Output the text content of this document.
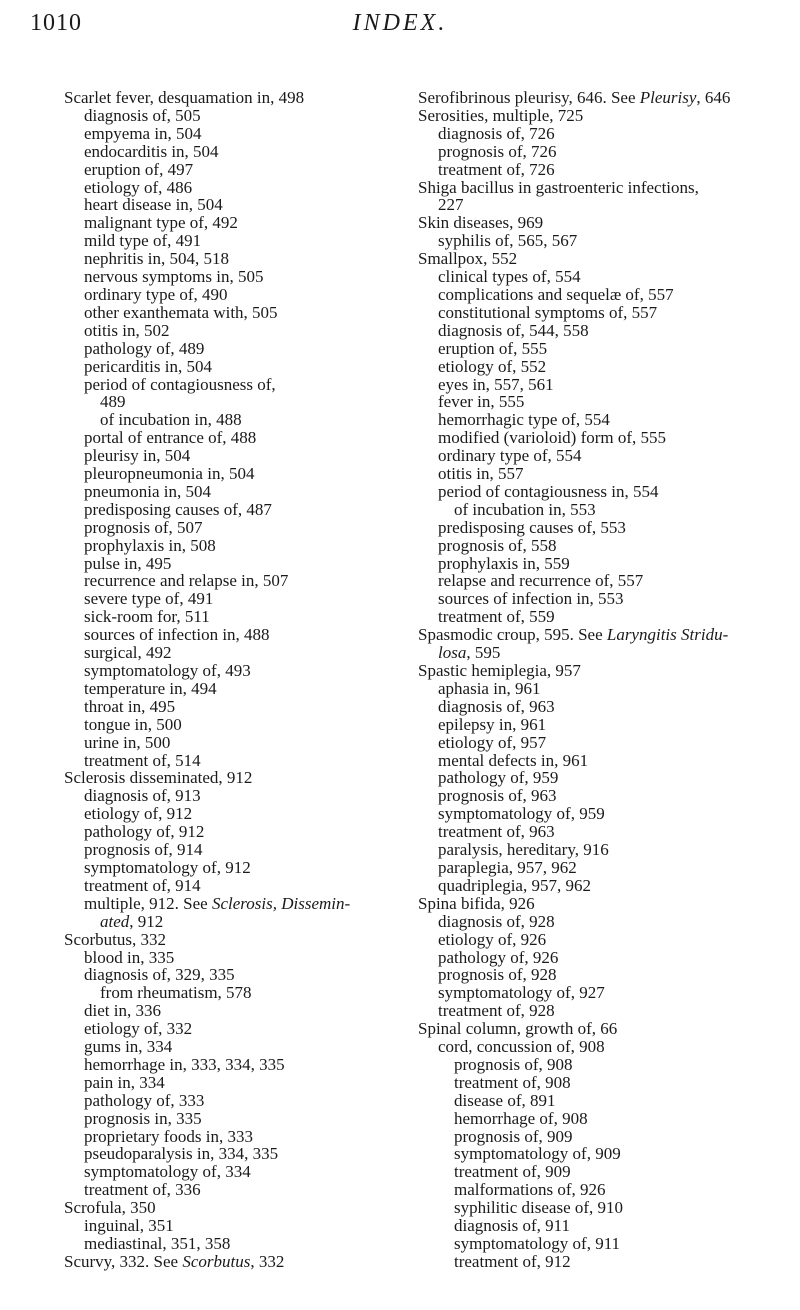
1010	INDEX.
Scarlet fever, desquamation in, 498
diagnosis of, 505
empyema in, 504
endocarditis in, 504
eruption of, 497
etiology of, 486
heart disease in, 504
malignant type of, 492
mild type of, 491
nephritis in, 504, 518
nervous symptoms in, 505
ordinary type of, 490
other exanthemata with, 505
otitis in, 502
pathology of, 489
pericarditis in, 504
period of contagiousness of,
489
of incubation in, 488
portal of entrance of, 488
pleurisy in, 504
pleuropneumonia in, 504
pneumonia in, 504
predisposing causes of, 487
prognosis of, 507
prophylaxis in, 508
pulse in, 495
recurrence and relapse in, 507
severe type of, 491
sick-room for, 511
sources of infection in, 488
surgical, 492
symptomatology of, 493
temperature in, 494
throat in, 495
tongue in, 500
urine in, 500
treatment of, 514
Sclerosis disseminated, 912
diagnosis of, 913
etiology of, 912
pathology of, 912
prognosis of, 914
symptomatology of, 912
treatment of, 914
multiple, 912. See Sclerosis, Dissemin-
ated, 912
Scorbutus, 332
blood in, 335
diagnosis of, 329, 335
from rheumatism, 578
diet in, 336
etiology of, 332
gums in, 334
hemorrhage in, 333, 334, 335
pain in, 334
pathology of, 333
prognosis in, 335
proprietary foods in, 333
pseudoparalysis in, 334, 335
symptomatology of, 334
treatment of, 336
Scrofula, 350
inguinal, 351
mediastinal, 351, 358
Scurvy, 332. See Scorbutus, 332
Serofibrinous pleurisy, 646. See Pleurisy, 646
Serosities, multiple, 725
diagnosis of, 726
prognosis of, 726
treatment of, 726
Shiga bacillus in gastroenteric infections,
227
Skin diseases, 969
syphilis of, 565, 567
Smallpox, 552
clinical types of, 554
complications and sequelæ of, 557
constitutional symptoms of, 557
diagnosis of, 544, 558
eruption of, 555
etiology of, 552
eyes in, 557, 561
fever in, 555
hemorrhagic type of, 554
modified (varioloid) form of, 555
ordinary type of, 554
otitis in, 557
period of contagiousness in, 554
of incubation in, 553
predisposing causes of, 553
prognosis of, 558
prophylaxis in, 559
relapse and recurrence of, 557
sources of infection in, 553
treatment of, 559
Spasmodic croup, 595. See Laryngitis Stridu-
losa, 595
Spastic hemiplegia, 957
aphasia in, 961
diagnosis of, 963
epilepsy in, 961
etiology of, 957
mental defects in, 961
pathology of, 959
prognosis of, 963
symptomatology of, 959
treatment of, 963
paralysis, hereditary, 916
paraplegia, 957, 962
quadriplegia, 957, 962
Spina bifida, 926
diagnosis of, 928
etiology of, 926
pathology of, 926
prognosis of, 928
symptomatology of, 927
treatment of, 928
Spinal column, growth of, 66
cord, concussion of, 908
prognosis of, 908
treatment of, 908
disease of, 891
hemorrhage of, 908
prognosis of, 909
symptomatology of, 909
treatment of, 909
malformations of, 926
syphilitic disease of, 910
diagnosis of, 911
symptomatology of, 911
treatment of, 912
